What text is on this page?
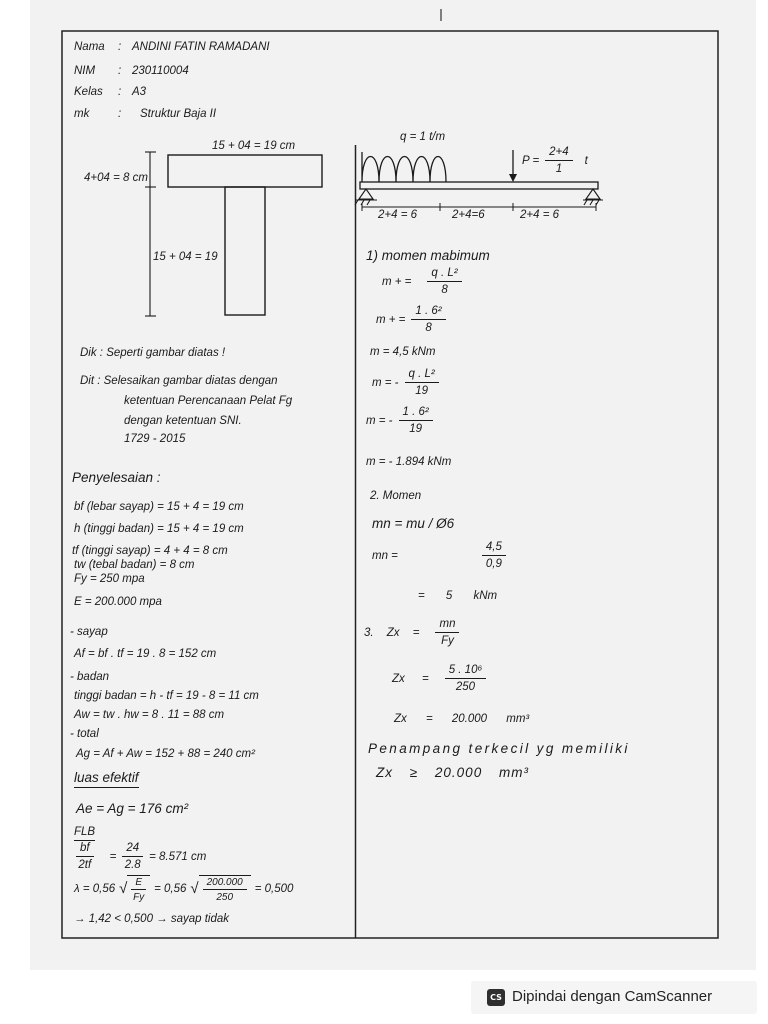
Nama : ANDINI FATIN RAMADANI
NIM : 230110004
Kelas : A3
mk : Struktur Baja II
15 + 04 = 19 cm
4+04 = 8 cm
15 + 04 = 19
q = 1 t/m
$P = \frac{2+4}{1}$ t
2+4 = 6	2+4=6	2+4 = 6
Dik : Seperti gambar diatas !
Dit : Selesaikan gambar diatas dengan
ketentuan Perencanaan Pelat Fg
dengan ketentuan SNI.
1729 - 2015
Penyelesaian :
bf (lebar sayap) = 15 + 4 = 19 cm
h (tinggi badan) = 15 + 4 = 19 cm
tf (tinggi sayap) = 4 + 4 = 8 cm
tw (tebal badan) = 8 cm
Fy = 250 mpa
E = 200.000 mpa
- sayap
Af = bf . tf = 19 . 8 = 152 cm
- badan
tinggi badan = h - tf = 19 - 8 = 11 cm
Aw = tw . hw = 8 . 11 = 88 cm
- total
Ag = Af + Aw = 152 + 88 = 240 cm²
luas efektif
Ae = Ag = 176 cm²
FLB
$\frac{bf}{2tf} = \frac{24}{2.8} = 8.571$ cm
λ = 0,56 √ $\frac{E}{Fy} = 0,56$ √ $\frac{200.000}{250} = 0,500$
→ 1,42 < 0,500 → sayap tidak
1) momen mabimum
m + = $\frac{\text{q . L²}}{8}$
m + = $\frac{\text{1 . 6²}}{8}$
m = 4,5 kNm
m = - $\frac{\text{q . L²}}{19}$
m = - $\frac{\text{1 . 6²}}{19}$
m = - 1.894 kNm
2. Momen
mn = mu / Ø6
mn =	$\frac{4,5}{0,9}$
= 5 kNm
3. $Zx = \frac{mn}{Fy}$
$Zx = \frac{\text{5 . 10⁶}}{250}$
Zx = 20.000 mm³
Penampang terkecil yg memiliki
Zx ≥ 20.000 mm³
CS Dipindai dengan CamScanner
